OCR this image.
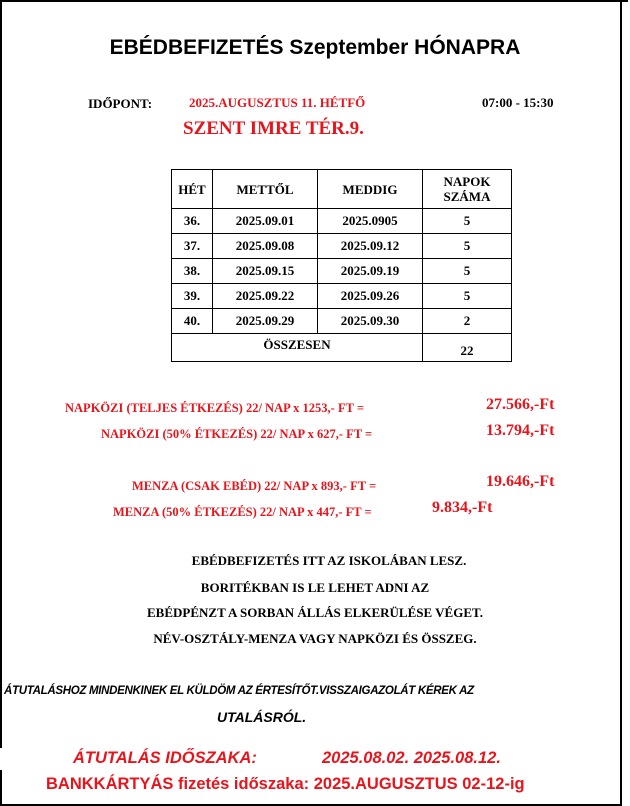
EBÉDBEFIZETÉS Szeptember HÓNAPRA
IDŐPONT:	2025.AUGUSZTUS 11. HÉTFŐ	07:00 - 15:30
SZENT IMRE TÉR.9.
HÉT	METTŐL	MEDDIG	NAPOK
SZÁMA
36.	2025.09.01	2025.0905	5
37.	2025.09.08	2025.09.12	5
38.	2025.09.15	2025.09.19	5
39.	2025.09.22	2025.09.26	5
40.	2025.09.29	2025.09.30	2
ÖSSZESEN			22
NAPKÖZI (TELJES ÉTKEZÉS) 22/ NAP x 1253,- FT =	27.566,-Ft
NAPKÖZI (50% ÉTKEZÉS) 22/ NAP x 627,- FT =	13.794,-Ft
MENZA (CSAK EBÉD) 22/ NAP x 893,- FT =	19.646,-Ft
MENZA (50% ÉTKEZÉS) 22/ NAP x 447,- FT =	9.834,-Ft
EBÉDBEFIZETÉS ITT AZ ISKOLÁBAN LESZ.
BORITÉKBAN IS LE LEHET ADNI AZ
EBÉDPÉNZT A SORBAN ÁLLÁS ELKERÜLÉSE VÉGET.
NÉV-OSZTÁLY-MENZA VAGY NAPKÖZI ÉS ÖSSZEG.
ÁTUTALÁSHOZ MINDENKINEK EL KÜLDÖM AZ ÉRTESÍTŐT.VISSZAIGAZOLÁT KÉREK AZ
UTALÁSRÓL.
ÁTUTALÁS IDŐSZAKA:	2025.08.02. 2025.08.12.
BANKKÁRTYÁS fizetés időszaka: 2025.AUGUSZTUS 02-12-ig
